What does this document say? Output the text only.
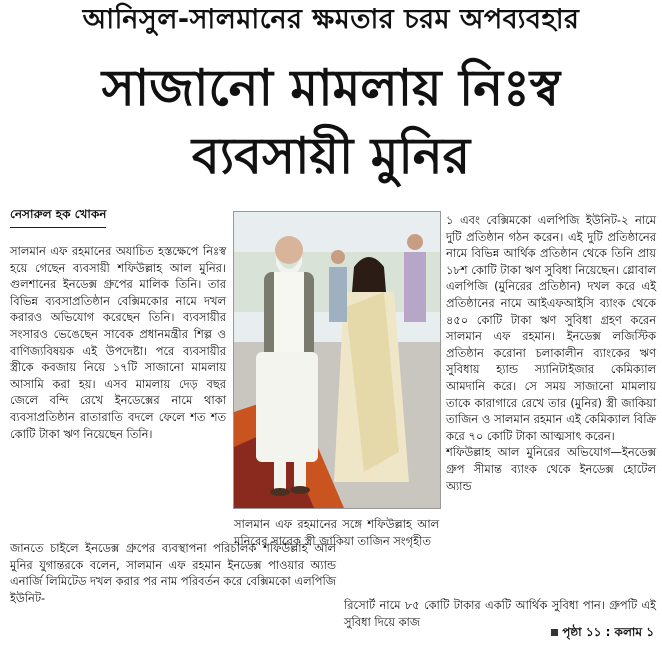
আনিসুল-সালমানের ক্ষমতার চরম অপব্যবহার
সাজানো মামলায় নিঃস্ব
ব্যবসায়ী মুনির
নেসারুল হক খোকন

সালমান এফ রহমানের অযাচিত হস্তক্ষেপে নিঃস্ব হয়ে গেছেন ব্যবসায়ী শফিউল্লাহ আল মুনির। গুলশানের ইনডেক্স গ্রুপের মালিক তিনি। তার বিভিন্ন ব্যবসাপ্রতিষ্ঠান বেক্সিমকোর নামে দখল করারও অভিযোগ করেছেন তিনি। ব্যবসায়ীর সংসারও ভেঙেছেন সাবেক প্রধানমন্ত্রীর শিল্প ও বাণিজ্যবিষয়ক এই উপদেষ্টা। পরে ব্যবসায়ীর স্ত্রীকে কবজায় নিয়ে ১৭টি সাজানো মামলায় আসামি করা হয়। এসব মামলায় দেড় বছর জেলে বন্দি রেখে ইনডেক্সের নামে থাকা ব্যবসাপ্রতিষ্ঠান রাতারাতি বদলে ফেলে শত শত কোটি টাকা ঋণ নিয়েছেন তিনি।

জানতে চাইলে ইনডেক্স গ্রুপের ব্যবস্থাপনা পরিচালক শফিউল্লাহ আল মুনির যুগান্তরকে বলেন, সালমান এফ রহমান ইনডেক্স পাওয়ার অ্যান্ড এনার্জি লিমিটেড দখল করার পর নাম পরিবর্তন করে বেক্সিমকো এলপিজি ইউনিট-
সালমান এফ রহমানের সঙ্গে শফিউল্লাহ আল মনিরের সাবেক স্ত্রী জাকিয়া তাজিন সংগৃহীত

১ এবং বেক্সিমকো এলপিজি ইউনিট-২ নামে দুটি প্রতিষ্ঠান গঠন করেন। এই দুটি প্রতিষ্ঠানের নামে বিভিন্ন আর্থিক প্রতিষ্ঠান থেকে তিনি প্রায় ১৮শ কোটি টাকা ঋণ সুবিধা নিয়েছেন। গ্লোবাল এলপিজি (মুনিরের প্রতিষ্ঠান) দখল করে এই প্রতিষ্ঠানের নামে আইএফআইসি ব্যাংক থেকে ৪৫০ কোটি টাকা ঋণ সুবিধা গ্রহণ করেন সালমান এফ রহমান। ইনডেক্স লজিস্টিক প্রতিষ্ঠান করোনা চলাকালীন ব্যাংকের ঋণ সুবিধায় হ্যান্ড স্যানিটাইজার কেমিক্যাল আমদানি করে। সে সময় সাজানো মামলায় তাকে কারাগারে রেখে তার (মুনির) স্ত্রী জাকিয়া তাজিন ও সালমান রহমান এই কেমিক্যাল বিক্রি করে ৭০ কোটি টাকা আত্মসাৎ করেন।

শফিউল্লাহ আল মুনিরের অভিযোগ—ইনডেক্স গ্রুপ সীমান্ত ব্যাংক থেকে ইনডেক্স হোটেল অ্যান্ড

রিসোর্ট নামে ৮৫ কোটি টাকার একটি আর্থিক সুবিধা পান। গ্রুপটি এই সুবিধা দিয়ে কাজ
পৃষ্ঠা ১১ : কলাম ১
